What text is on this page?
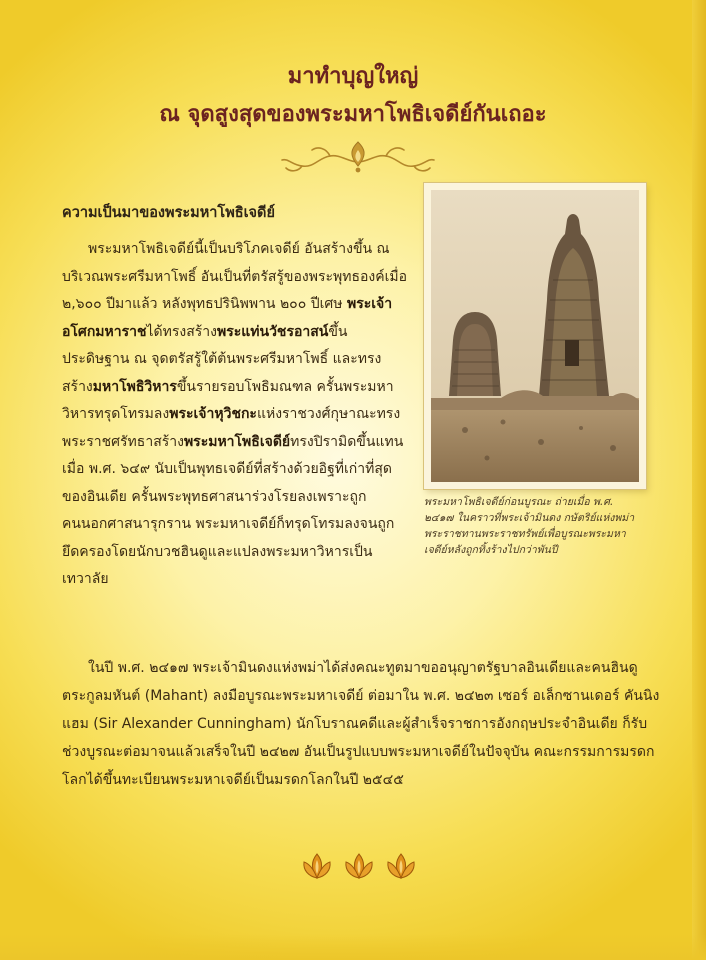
มาทำบุญใหญ่
ณ จุดสูงสุดของพระมหาโพธิเจดีย์กันเถอะ
ความเป็นมาของพระมหาโพธิเจดีย์

พระมหาโพธิเจดีย์นี้เป็นบริโภคเจดีย์ อันสร้างขึ้น ณ บริเวณพระศรีมหาโพธิ์ อันเป็นที่ตรัสรู้ของพระพุทธองค์เมื่อ ๒,๖๐๐ ปีมาแล้ว หลังพุทธปรินิพพาน ๒๐๐ ปีเศษ พระเจ้าอโศกมหาราชได้ทรงสร้างพระแท่นวัชรอาสน์ขึ้นประดิษฐาน ณ จุดตรัสรู้ใต้ต้นพระศรีมหาโพธิ์ และทรงสร้างมหาโพธิวิหารขึ้นรายรอบโพธิมณฑล ครั้นพระมหาวิหารทรุดโทรมลงพระเจ้าหุวิชกะแห่งราชวงศ์กุษาณะทรงพระราชศรัทธาสร้างพระมหาโพธิเจดีย์ทรงปิรามิดขึ้นแทนเมื่อ พ.ศ. ๖๔๙ นับเป็นพุทธเจดีย์ที่สร้างด้วยอิฐที่เก่าที่สุดของอินเดีย ครั้นพระพุทธศาสนาร่วงโรยลงเพราะถูกคนนอกศาสนารุกราน พระมหาเจดีย์ก็ทรุดโทรมลงจนถูกยึดครองโดยนักบวชฮินดูและแปลงพระมหาวิหารเป็นเทวาลัย

พระมหาโพธิเจดีย์ก่อนบูรณะ ถ่ายเมื่อ พ.ศ. ๒๔๑๗ ในคราวที่พระเจ้ามินดง กษัตริย์แห่งพม่า พระราชทานพระราชทรัพย์เพื่อบูรณะพระมหาเจดีย์หลังถูกทิ้งร้างไปกว่าพันปี

ในปี พ.ศ. ๒๔๑๗ พระเจ้ามินดงแห่งพม่าได้ส่งคณะทูตมาขออนุญาตรัฐบาลอินเดียและคนฮินดูตระกูลมหันต์ (Mahant) ลงมือบูรณะพระมหาเจดีย์ ต่อมาใน พ.ศ. ๒๔๒๓ เซอร์ อเล็กซานเดอร์ คันนิงแฮม (Sir Alexander Cunningham) นักโบราณคดีและผู้สำเร็จราชการอังกฤษประจำอินเดีย ก็รับช่วงบูรณะต่อมาจนแล้วเสร็จในปี ๒๔๒๗ อันเป็นรูปแบบพระมหาเจดีย์ในปัจจุบัน คณะกรรมการมรดกโลกได้ขึ้นทะเบียนพระมหาเจดีย์เป็นมรดกโลกในปี ๒๕๔๕
